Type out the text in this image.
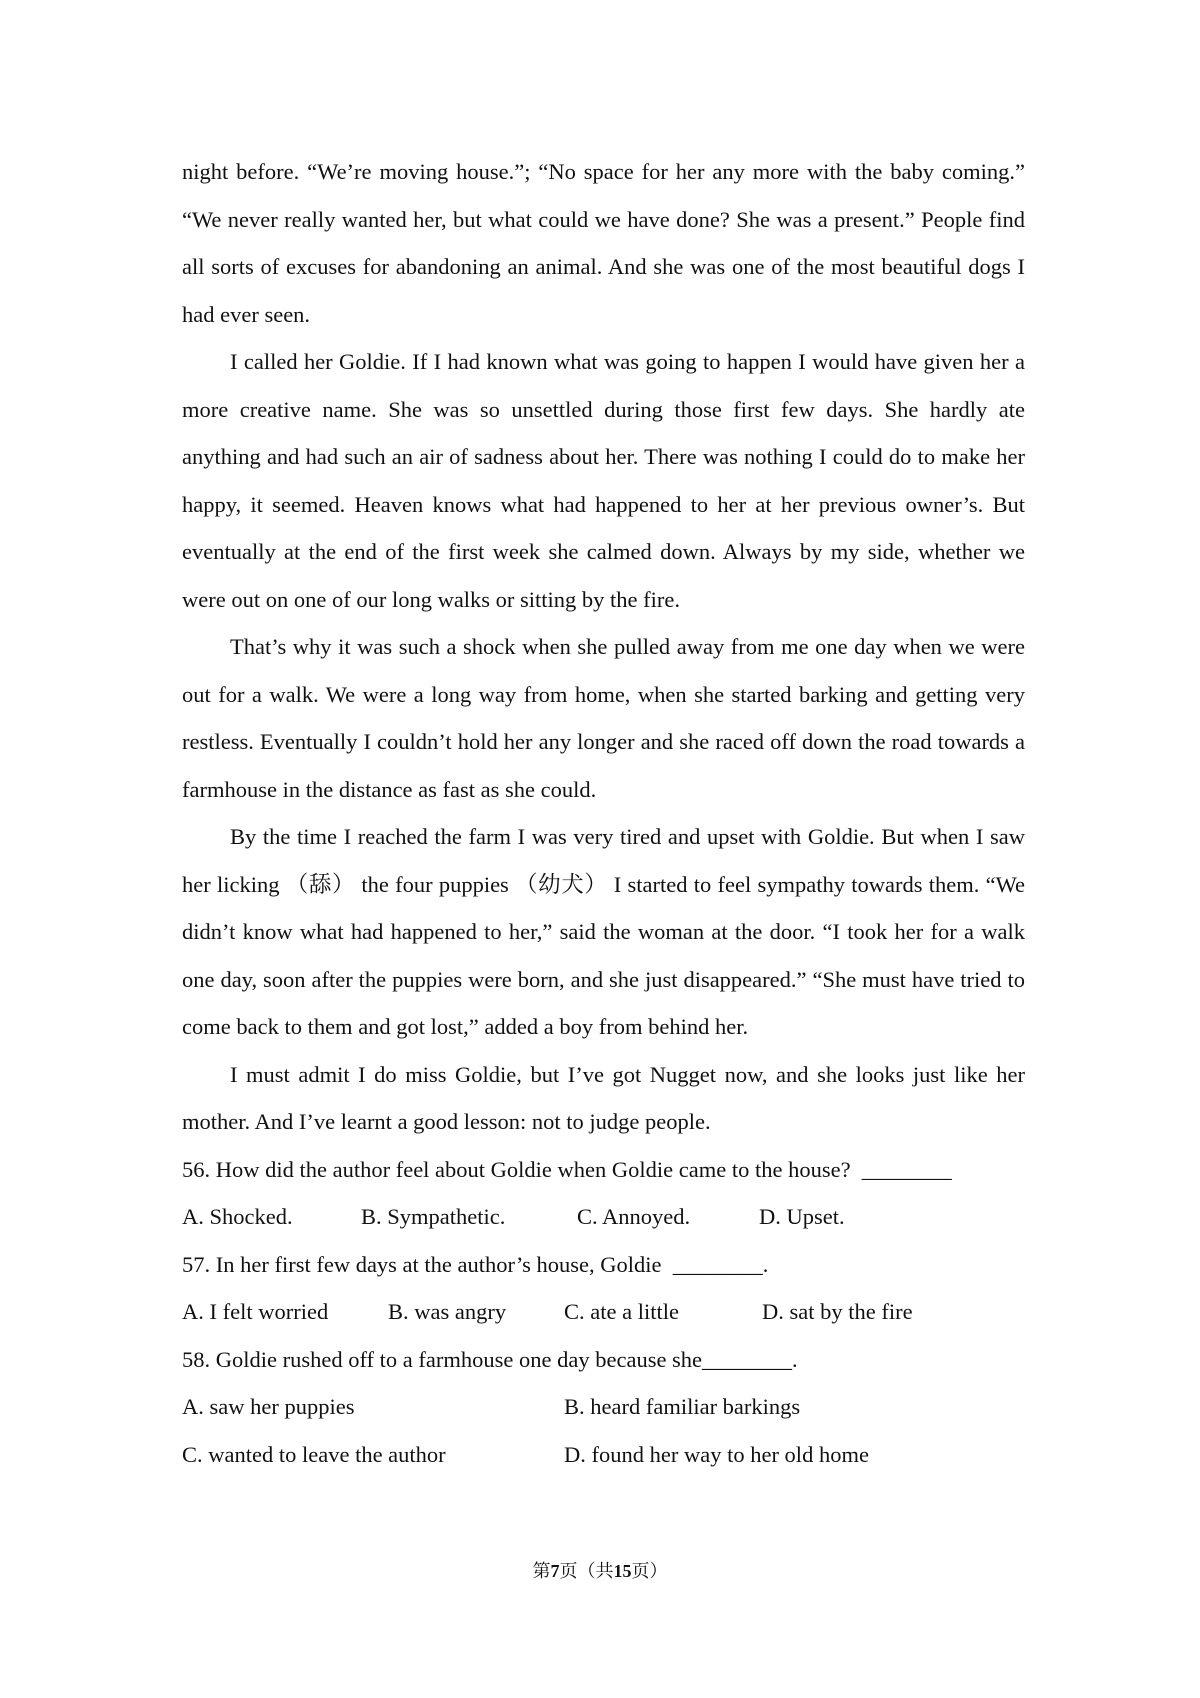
night before. “We’re moving house.”; “No space for her any more with the baby coming.” “We never really wanted her, but what could we have done? She was a present.” People find all sorts of excuses for abandoning an animal. And she was one of the most beautiful dogs I had ever seen.

I called her Goldie. If I had known what was going to happen I would have given her a more creative name. She was so unsettled during those first few days. She hardly ate anything and had such an air of sadness about her. There was nothing I could do to make her happy, it seemed. Heaven knows what had happened to her at her previous owner’s. But eventually at the end of the first week she calmed down. Always by my side, whether we were out on one of our long walks or sitting by the fire.

That’s why it was such a shock when she pulled away from me one day when we were out for a walk. We were a long way from home, when she started barking and getting very restless. Eventually I couldn’t hold her any longer and she raced off down the road towards a farmhouse in the distance as fast as she could.

By the time I reached the farm I was very tired and upset with Goldie. But when I saw her licking （舔） the four puppies （幼犬） I started to feel sympathy towards them. “We didn’t know what had happened to her,” said the woman at the door. “I took her for a walk one day, soon after the puppies were born, and she just disappeared.” “She must have tried to come back to them and got lost,” added a boy from behind her.

I must admit I do miss Goldie, but I’ve got Nugget now, and she looks just like her mother. And I’ve learnt a good lesson: not to judge people.

56. How did the author feel about Goldie when Goldie came to the house?  ________

A. Shocked.	B. Sympathetic.	C. Annoyed.	D. Upset.

57. In her first few days at the author’s house, Goldie  ________.

A. I felt worried	B. was angry	C. ate a little	D. sat by the fire

58. Goldie rushed off to a farmhouse one day because she________.

A. saw her puppies	B. heard familiar barkings
C. wanted to leave the author	D. found her way to her old home
第7页（共15页）
